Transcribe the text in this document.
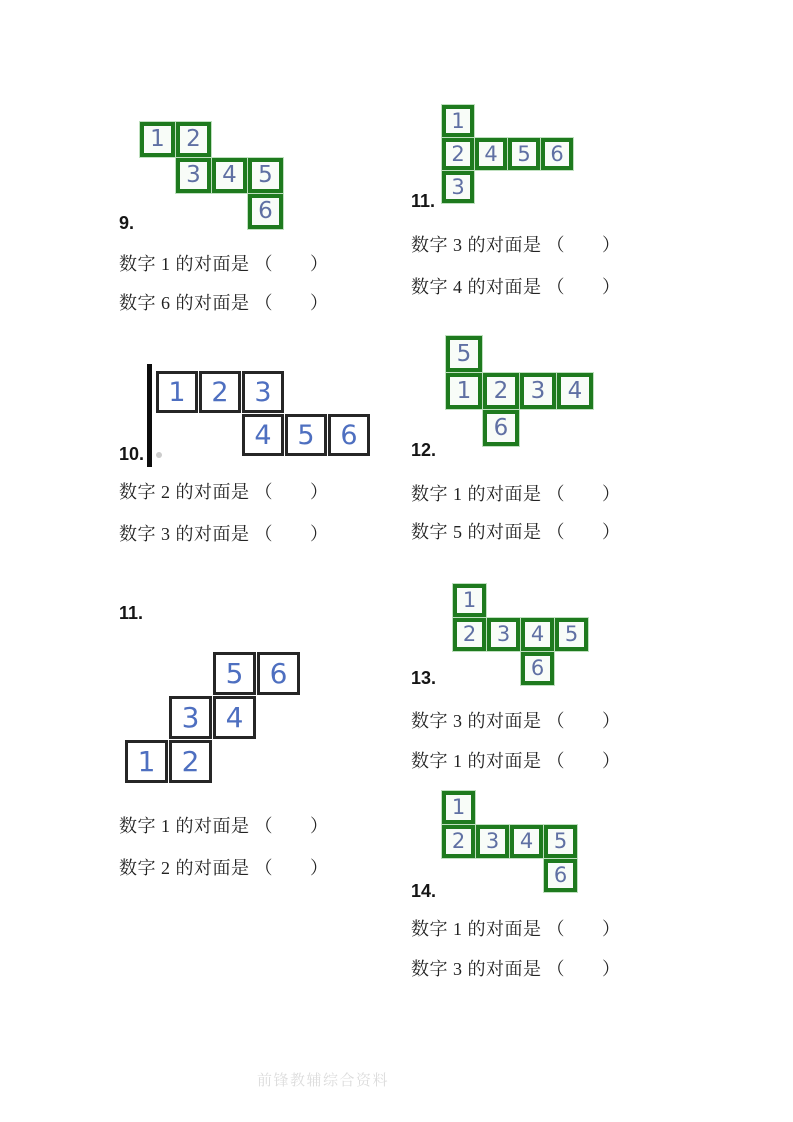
1 2
3 4 5
6
9.
数字 1 的对面是 （　　）
数字 6 的对面是 （　　）
1
2 4 5 6
3
11.
数字 3 的对面是 （　　）
数字 4 的对面是 （　　）
1 2 3
4 5 6
10.
数字 2 的对面是 （　　）
数字 3 的对面是 （　　）
5
1 2 3 4
6
12.
数字 1 的对面是 （　　）
数字 5 的对面是 （　　）
11.
5 6
3 4
1 2
数字 1 的对面是 （　　）
数字 2 的对面是 （　　）
1
2 3 4 5
6
13.
数字 3 的对面是 （　　）
数字 1 的对面是 （　　）
1
2 3 4 5
6
14.
数字 1 的对面是 （　　）
数字 3 的对面是 （　　）
前锋教辅综合资料
